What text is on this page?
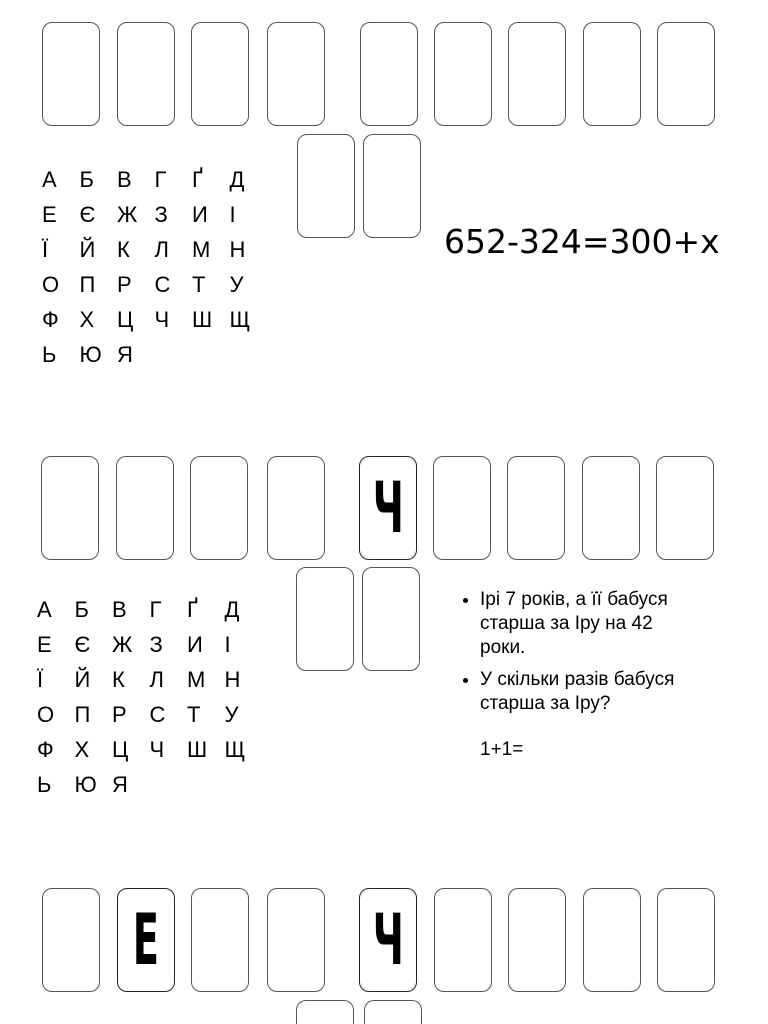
А	Б	В	Г	Ґ	Д
Е	Є Ж З	И І
Ї	Й К	Л	М Н
О П Р	С Т	У
Ф Х	Ц Ч	Ш Щ
Ь	Ю Я
652-324=300+x
Ч
А	Б	В	Г	Ґ	Д
Е	Є Ж З	И І
Ї	Й К	Л	М Н
О П Р	С Т	У
Ф Х	Ц Ч	Ш Щ
Ь	Ю Я
• Ірі 7 років, а її бабуся старша за Іру на 42 роки.
• У скільки разів бабуся старша за Іру?
1+1=
Е	Ч
